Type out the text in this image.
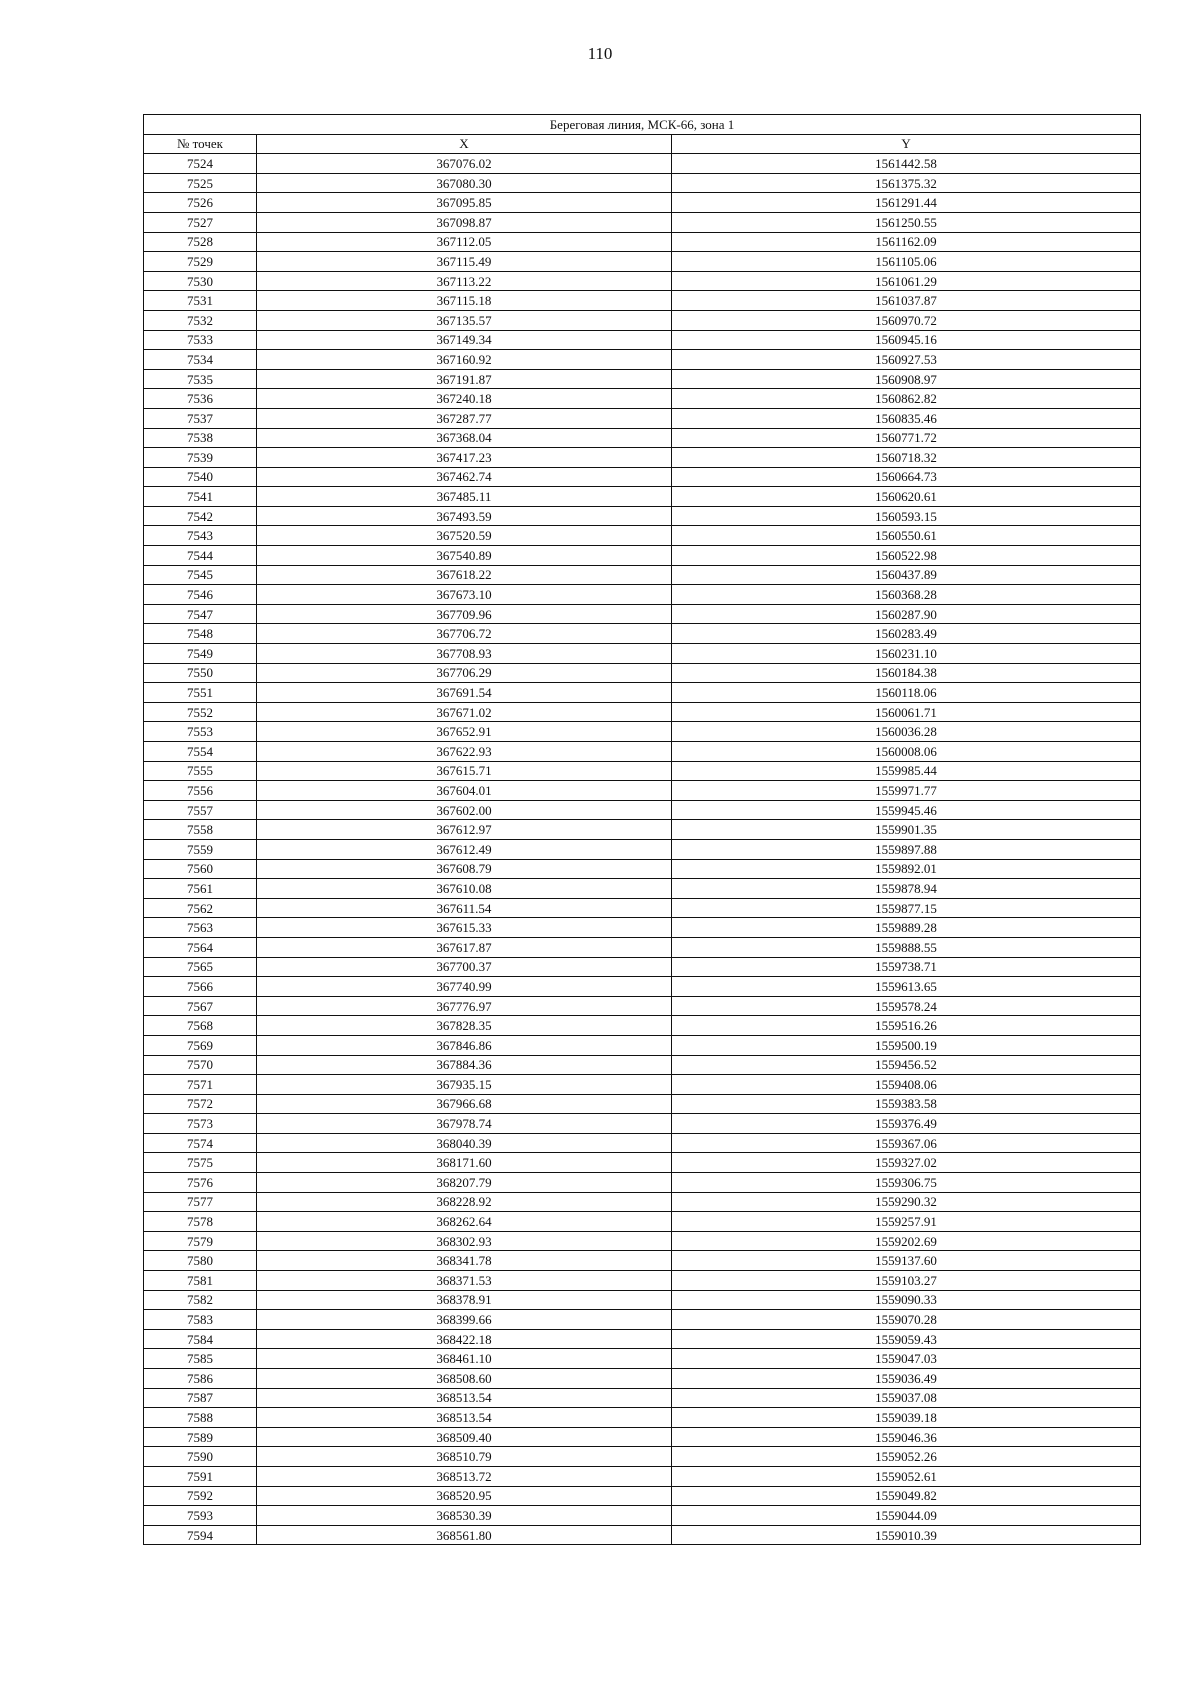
110
Береговая линия, МСК-66, зона 1		
№ точек	X	Y
7524	367076.02	1561442.58
7525	367080.30	1561375.32
7526	367095.85	1561291.44
7527	367098.87	1561250.55
7528	367112.05	1561162.09
7529	367115.49	1561105.06
7530	367113.22	1561061.29
7531	367115.18	1561037.87
7532	367135.57	1560970.72
7533	367149.34	1560945.16
7534	367160.92	1560927.53
7535	367191.87	1560908.97
7536	367240.18	1560862.82
7537	367287.77	1560835.46
7538	367368.04	1560771.72
7539	367417.23	1560718.32
7540	367462.74	1560664.73
7541	367485.11	1560620.61
7542	367493.59	1560593.15
7543	367520.59	1560550.61
7544	367540.89	1560522.98
7545	367618.22	1560437.89
7546	367673.10	1560368.28
7547	367709.96	1560287.90
7548	367706.72	1560283.49
7549	367708.93	1560231.10
7550	367706.29	1560184.38
7551	367691.54	1560118.06
7552	367671.02	1560061.71
7553	367652.91	1560036.28
7554	367622.93	1560008.06
7555	367615.71	1559985.44
7556	367604.01	1559971.77
7557	367602.00	1559945.46
7558	367612.97	1559901.35
7559	367612.49	1559897.88
7560	367608.79	1559892.01
7561	367610.08	1559878.94
7562	367611.54	1559877.15
7563	367615.33	1559889.28
7564	367617.87	1559888.55
7565	367700.37	1559738.71
7566	367740.99	1559613.65
7567	367776.97	1559578.24
7568	367828.35	1559516.26
7569	367846.86	1559500.19
7570	367884.36	1559456.52
7571	367935.15	1559408.06
7572	367966.68	1559383.58
7573	367978.74	1559376.49
7574	368040.39	1559367.06
7575	368171.60	1559327.02
7576	368207.79	1559306.75
7577	368228.92	1559290.32
7578	368262.64	1559257.91
7579	368302.93	1559202.69
7580	368341.78	1559137.60
7581	368371.53	1559103.27
7582	368378.91	1559090.33
7583	368399.66	1559070.28
7584	368422.18	1559059.43
7585	368461.10	1559047.03
7586	368508.60	1559036.49
7587	368513.54	1559037.08
7588	368513.54	1559039.18
7589	368509.40	1559046.36
7590	368510.79	1559052.26
7591	368513.72	1559052.61
7592	368520.95	1559049.82
7593	368530.39	1559044.09
7594	368561.80	1559010.39
